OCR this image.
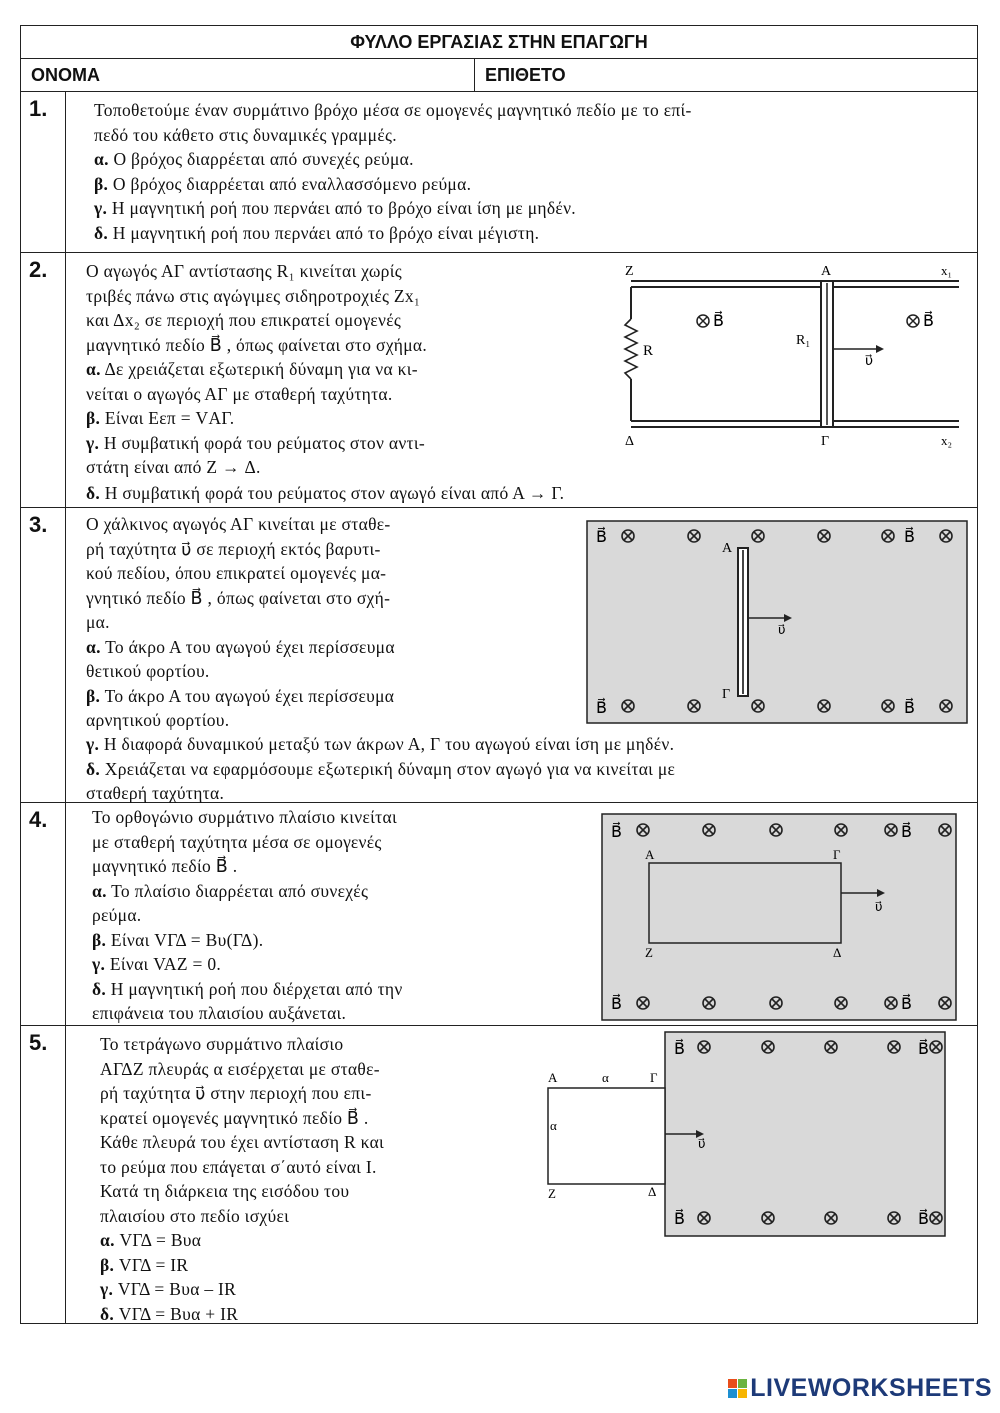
ΦΥΛΛΟ ΕΡΓΑΣΙΑΣ ΣΤΗΝ ΕΠΑΓΩΓΗ
ΟΝΟΜΑ	ΕΠΙΘΕΤΟ
1.	Τοποθετούμε έναν συρμάτινο βρόχο μέσα σε ομογενές μαγνητικό πεδίο με το επί-

πεδό του κάθετο στις δυναμικές γραμμές.

α. Ο βρόχος διαρρέεται από συνεχές ρεύμα.

β. Ο βρόχος διαρρέεται από εναλλασσόμενο ρεύμα.

γ. Η μαγνητική ροή που περνάει από το βρόχο είναι ίση με μηδέν.

δ. Η μαγνητική ροή που περνάει από το βρόχο είναι μέγιστη.

2.	Ο αγωγός ΑΓ αντίστασης R₁ κινείται χωρίς

τριβές πάνω στις αγώγιμες σιδηροτροχιές Zx₁

και Δx₂ σε περιοχή που επικρατεί ομογενές

μαγνητικό πεδίο B⃗ , όπως φαίνεται στο σχήμα.

α. Δε χρειάζεται εξωτερική δύναμη για να κι-

νείται ο αγωγός ΑΓ με σταθερή ταχύτητα.

β. Είναι Eεπ = VΑΓ.

γ. Η συμβατική φορά του ρεύματος στον αντι-

στάτη είναι από Z → Δ.

δ. Η συμβατική φορά του ρεύματος στον αγωγό είναι από Α → Γ.

Z	Α	x₁
Δ	Γ	x₂
R
R₁
B⃗	B⃗
υ⃗
3.	Ο χάλκινος αγωγός ΑΓ κινείται με σταθε-

ρή ταχύτητα υ⃗ σε περιοχή εκτός βαρυτι-

κού πεδίου, όπου επικρατεί ομογενές μα-

γνητικό πεδίο B⃗ , όπως φαίνεται στο σχή-

μα.

α. Το άκρο Α του αγωγού έχει περίσσευμα

θετικού φορτίου.

β. Το άκρο Α του αγωγού έχει περίσσευμα

αρνητικού φορτίου.

γ. Η διαφορά δυναμικού μεταξύ των άκρων Α, Γ του αγωγού είναι ίση με μηδέν.

δ. Χρειάζεται να εφαρμόσουμε εξωτερική δύναμη στον αγωγό για να κινείται με

σταθερή ταχύτητα.

Α
Γ
υ⃗
B⃗	B⃗
B⃗	B⃗
4.	Το ορθογώνιο συρμάτινο πλαίσιο κινείται

με σταθερή ταχύτητα μέσα σε ομογενές

μαγνητικό πεδίο B⃗ .

α. Το πλαίσιο διαρρέεται από συνεχές

ρεύμα.

β. Είναι VΓΔ = Bυ(ΓΔ).

γ. Είναι VAZ = 0.

δ. Η μαγνητική ροή που διέρχεται από την

επιφάνεια του πλαισίου αυξάνεται.

Α	Γ
Z	Δ
υ⃗
B⃗	B⃗
B⃗	B⃗
5.	Το τετράγωνο συρμάτινο πλαίσιο

ΑΓΔΖ πλευράς α εισέρχεται με σταθε-

ρή ταχύτητα υ⃗ στην περιοχή που επι-

κρατεί ομογενές μαγνητικό πεδίο B⃗ .

Κάθε πλευρά του έχει αντίσταση R και

το ρεύμα που επάγεται σ΄αυτό είναι Ι.

Κατά τη διάρκεια της εισόδου του

πλαισίου στο πεδίο ισχύει

α. VΓΔ = Bυα

β. VΓΔ = IR

γ. VΓΔ = Bυα – IR

δ. VΓΔ = Bυα + IR

Α	α	Γ
α
Z	Δ
υ⃗
B⃗	B⃗
B⃗	B⃗
LIVEWORKSHEETS
